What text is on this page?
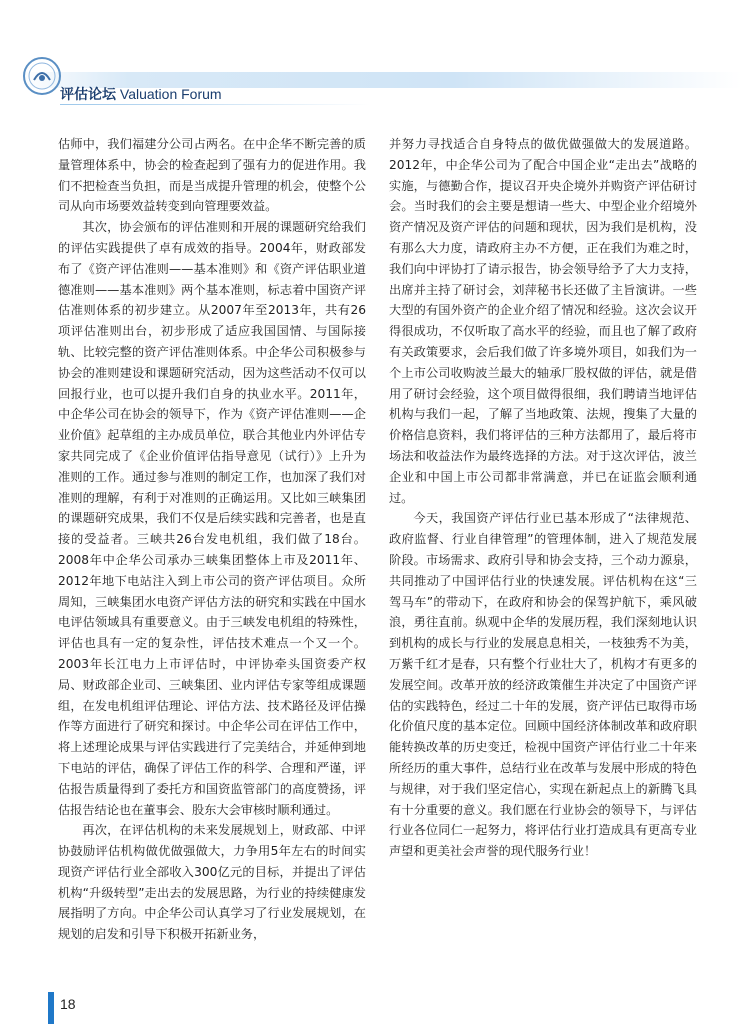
评估论坛 Valuation Forum

估师中，我们福建分公司占两名。在中企华不断完善的质量管理体系中，协会的检查起到了强有力的促进作用。我们不把检查当负担，而是当成提升管理的机会，使整个公司从向市场要效益转变到向管理要效益。

其次，协会颁布的评估准则和开展的课题研究给我们的评估实践提供了卓有成效的指导。2004年，财政部发布了《资产评估准则——基本准则》和《资产评估职业道德准则——基本准则》两个基本准则，标志着中国资产评估准则体系的初步建立。从2007年至2013年，共有26项评估准则出台，初步形成了适应我国国情、与国际接轨、比较完整的资产评估准则体系。中企华公司积极参与协会的准则建设和课题研究活动，因为这些活动不仅可以回报行业，也可以提升我们自身的执业水平。2011年，中企华公司在协会的领导下，作为《资产评估准则——企业价值》起草组的主办成员单位，联合其他业内外评估专家共同完成了《企业价值评估指导意见（试行）》上升为准则的工作。通过参与准则的制定工作，也加深了我们对准则的理解，有利于对准则的正确运用。又比如三峡集团的课题研究成果，我们不仅是后续实践和完善者，也是直接的受益者。三峡共26台发电机组，我们做了18台。2008年中企华公司承办三峡集团整体上市及2011年、2012年地下电站注入到上市公司的资产评估项目。众所周知，三峡集团水电资产评估方法的研究和实践在中国水电评估领域具有重要意义。由于三峡发电机组的特殊性，评估也具有一定的复杂性，评估技术难点一个又一个。2003年长江电力上市评估时，中评协牵头国资委产权局、财政部企业司、三峡集团、业内评估专家等组成课题组，在发电机组评估理论、评估方法、技术路径及评估操作等方面进行了研究和探讨。中企华公司在评估工作中，将上述理论成果与评估实践进行了完美结合，并延伸到地下电站的评估，确保了评估工作的科学、合理和严谨，评估报告质量得到了委托方和国资监管部门的高度赞扬，评估报告结论也在董事会、股东大会审核时顺利通过。

再次，在评估机构的未来发展规划上，财政部、中评协鼓励评估机构做优做强做大，力争用5年左右的时间实现资产评估行业全部收入300亿元的目标，并提出了评估机构“升级转型”走出去的发展思路，为行业的持续健康发展指明了方向。中企华公司认真学习了行业发展规划，在规划的启发和引导下积极开拓新业务，

并努力寻找适合自身特点的做优做强做大的发展道路。2012年，中企华公司为了配合中国企业“走出去”战略的实施，与德勤合作，提议召开央企境外并购资产评估研讨会。当时我们的会主要是想请一些大、中型企业介绍境外资产情况及资产评估的问题和现状，因为我们是机构，没有那么大力度，请政府主办不方便，正在我们为难之时，我们向中评协打了请示报告，协会领导给予了大力支持，出席并主持了研讨会，刘萍秘书长还做了主旨演讲。一些大型的有国外资产的企业介绍了情况和经验。这次会议开得很成功，不仅听取了高水平的经验，而且也了解了政府有关政策要求，会后我们做了许多境外项目，如我们为一个上市公司收购波兰最大的轴承厂股权做的评估，就是借用了研讨会经验，这个项目做得很细，我们聘请当地评估机构与我们一起，了解了当地政策、法规，搜集了大量的价格信息资料，我们将评估的三种方法都用了，最后将市场法和收益法作为最终选择的方法。对于这次评估，波兰企业和中国上市公司都非常满意，并已在证监会顺利通过。

今天，我国资产评估行业已基本形成了“法律规范、政府监督、行业自律管理”的管理体制，进入了规范发展阶段。市场需求、政府引导和协会支持，三个动力源泉，共同推动了中国评估行业的快速发展。评估机构在这“三驾马车”的带动下，在政府和协会的保驾护航下，乘风破浪，勇往直前。纵观中企华的发展历程，我们深刻地认识到机构的成长与行业的发展息息相关，一枝独秀不为美，万紫千红才是春，只有整个行业壮大了，机构才有更多的发展空间。改革开放的经济政策催生并决定了中国资产评估的实践特色，经过二十年的发展，资产评估已取得市场化价值尺度的基本定位。回顾中国经济体制改革和政府职能转换改革的历史变迁，检视中国资产评估行业二十年来所经历的重大事件，总结行业在改革与发展中形成的特色与规律，对于我们坚定信心，实现在新起点上的新腾飞具有十分重要的意义。我们愿在行业协会的领导下，与评估行业各位同仁一起努力，将评估行业打造成具有更高专业声望和更美社会声誉的现代服务行业！

18
